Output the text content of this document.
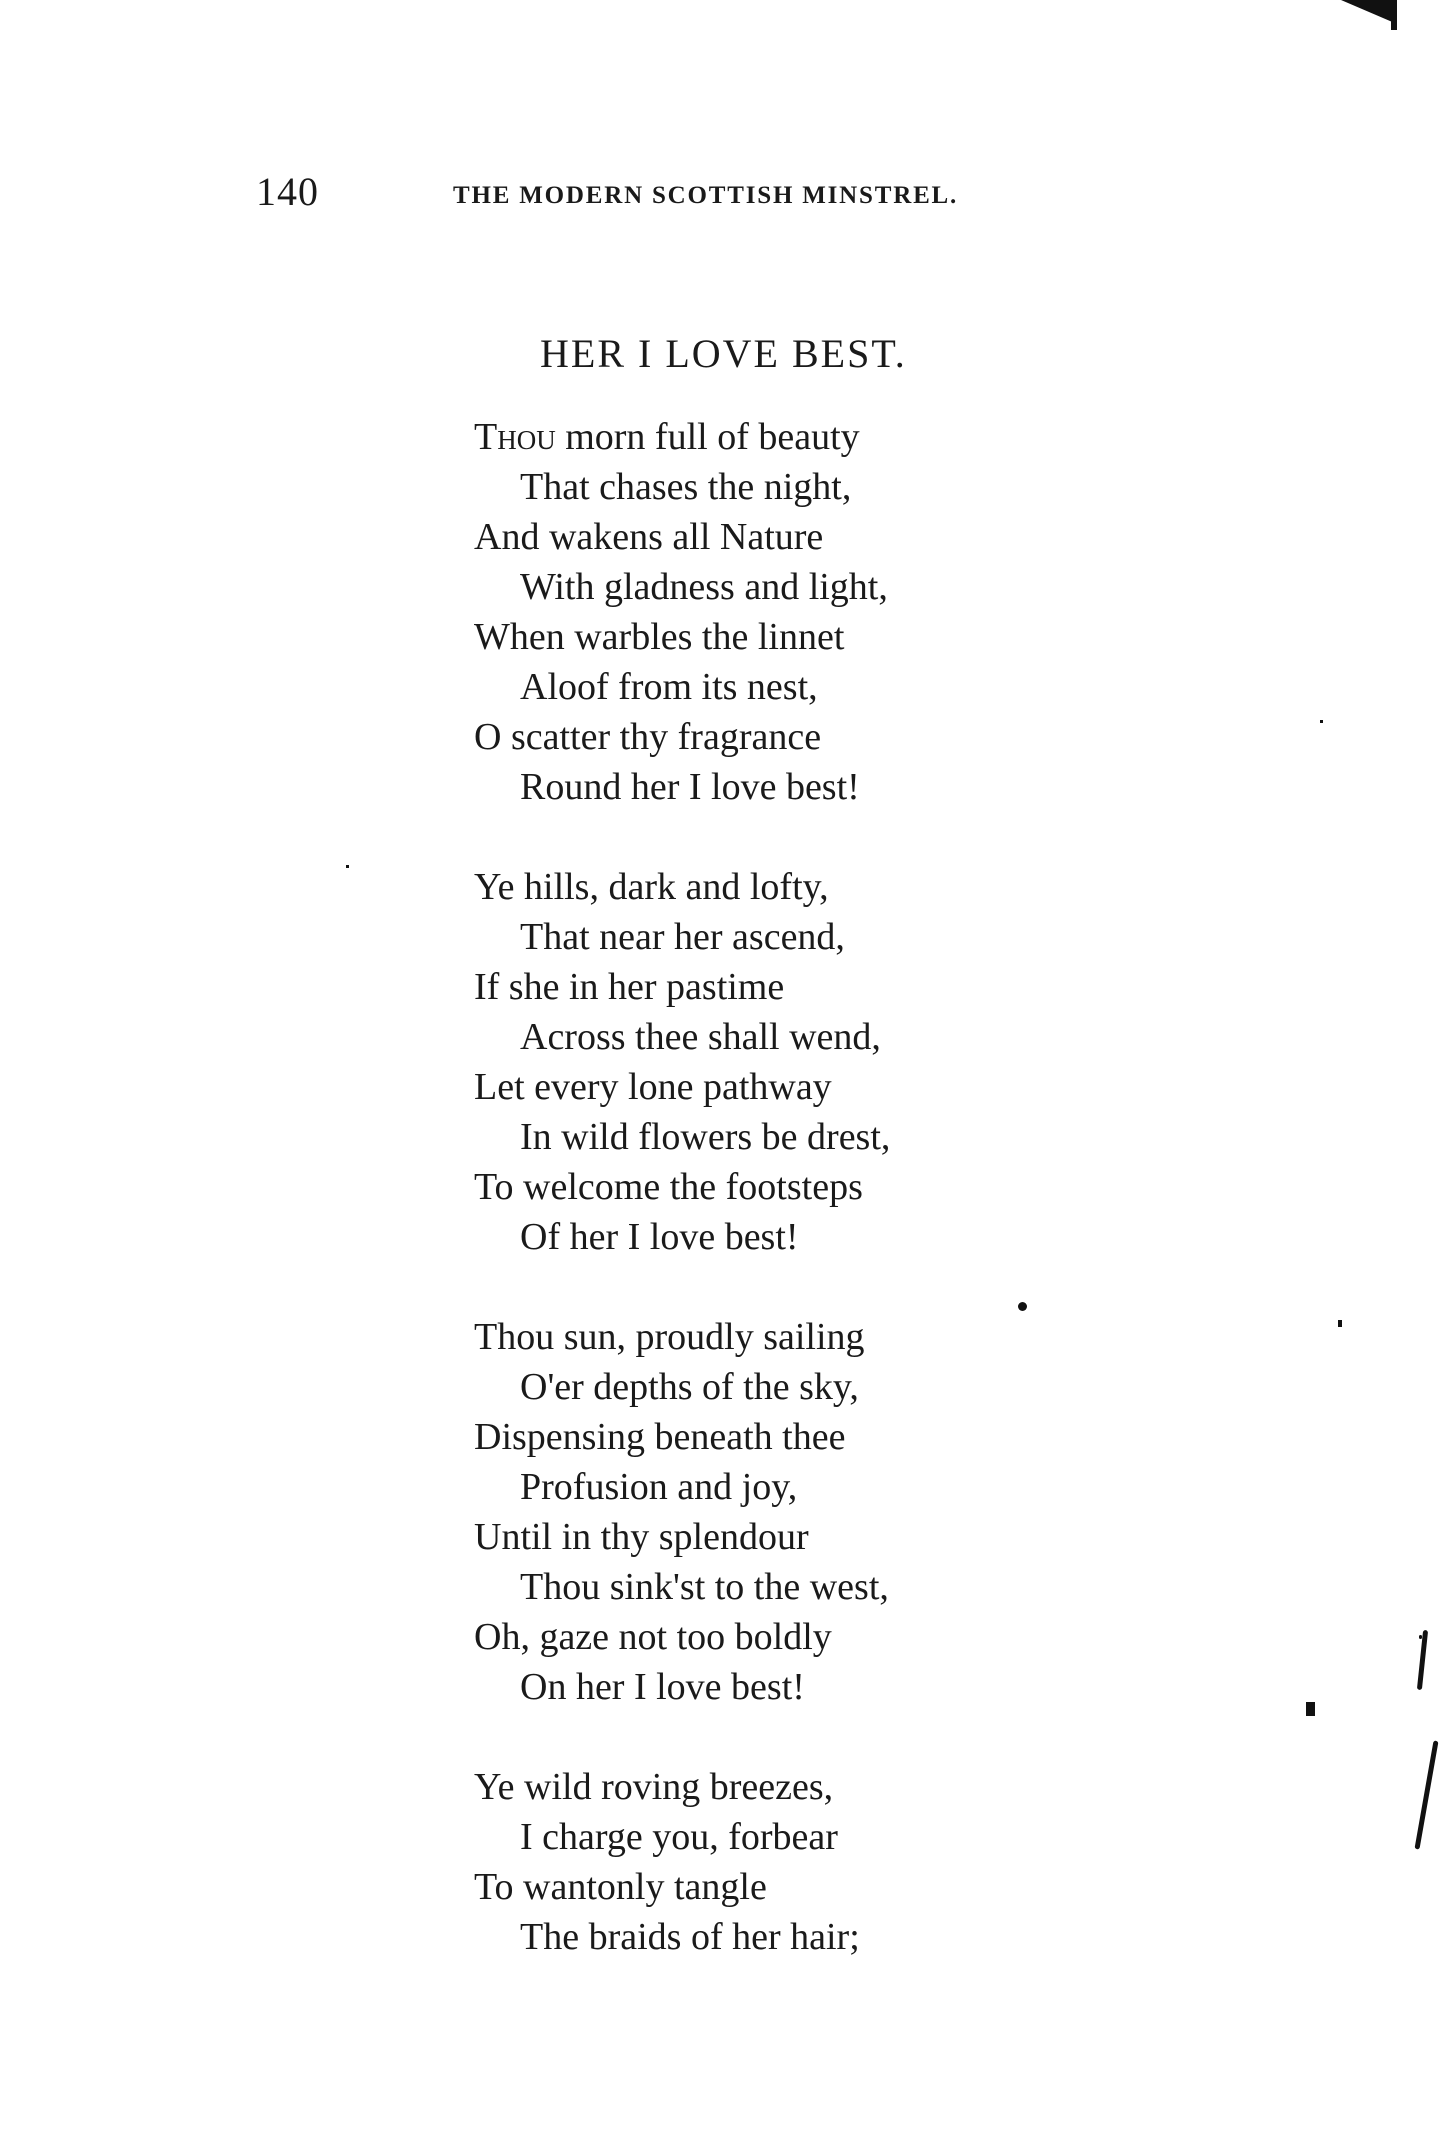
140	THE MODERN SCOTTISH MINSTREL.
HER I LOVE BEST.
Thou morn full of beauty
That chases the night,
And wakens all Nature
With gladness and light,
When warbles the linnet
Aloof from its nest,
O scatter thy fragrance
Round her I love best!
Ye hills, dark and lofty,
That near her ascend,
If she in her pastime
Across thee shall wend,
Let every lone pathway
In wild flowers be drest,
To welcome the footsteps
Of her I love best!
Thou sun, proudly sailing
O'er depths of the sky,
Dispensing beneath thee
Profusion and joy,
Until in thy splendour
Thou sink'st to the west,
Oh, gaze not too boldly
On her I love best!
Ye wild roving breezes,
I charge you, forbear
To wantonly tangle
The braids of her hair;
